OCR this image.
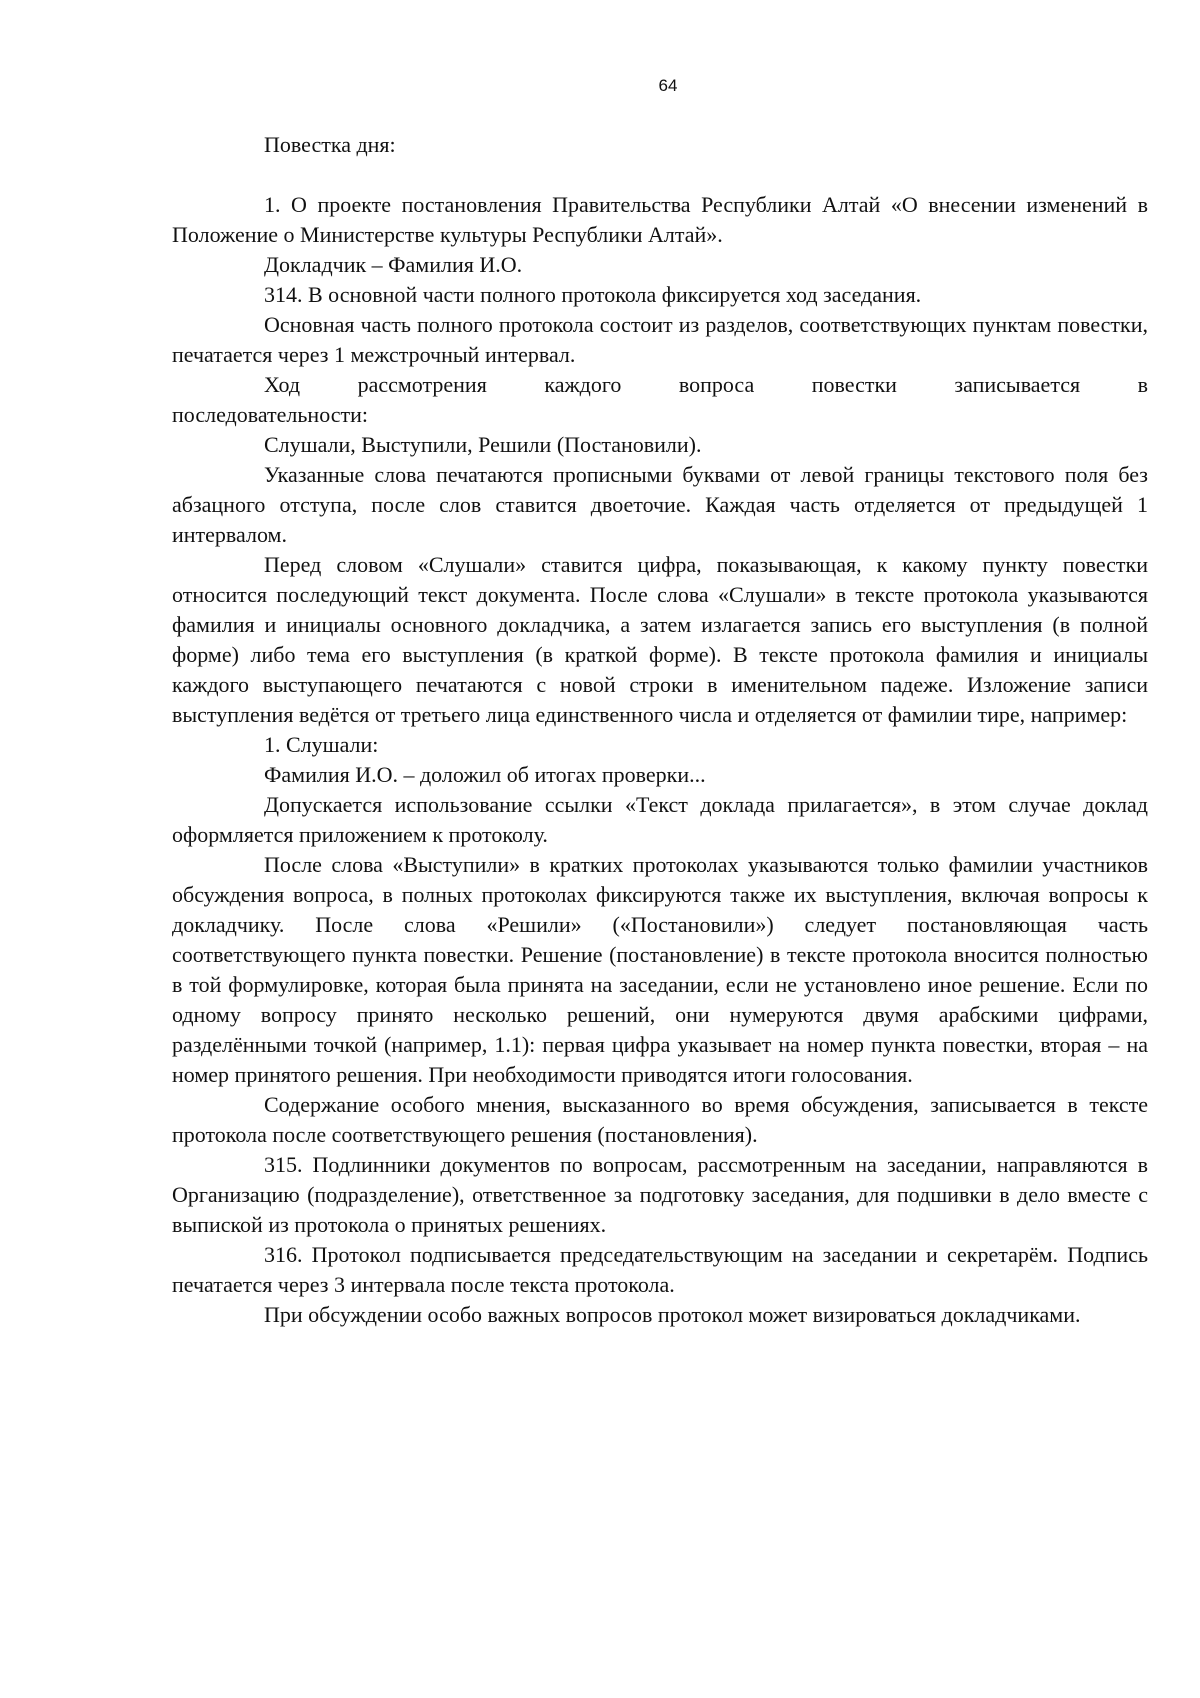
64

Повестка дня:

1. О проекте постановления Правительства Республики Алтай «О внесении изменений в Положение о Министерстве культуры Республики Алтай».

Докладчик – Фамилия И.О.

314. В основной части полного протокола фиксируется ход заседания.

Основная часть полного протокола состоит из разделов, соответствующих пунктам повестки, печатается через 1 межстрочный интервал.

Ход рассмотрения каждого вопроса повестки записывается в

последовательности:

Слушали, Выступили, Решили (Постановили).

Указанные слова печатаются прописными буквами от левой границы текстового поля без абзацного отступа, после слов ставится двоеточие. Каждая часть отделяется от предыдущей 1 интервалом.

Перед словом «Слушали» ставится цифра, показывающая, к какому пункту повестки относится последующий текст документа. После слова «Слушали» в тексте протокола указываются фамилия и инициалы основного докладчика, а затем излагается запись его выступления (в полной форме) либо тема его выступления (в краткой форме). В тексте протокола фамилия и инициалы каждого выступающего печатаются с новой строки в именительном падеже. Изложение записи выступления ведётся от третьего лица единственного числа и отделяется от фамилии тире, например:

1. Слушали:

Фамилия И.О. – доложил об итогах проверки...

Допускается использование ссылки «Текст доклада прилагается», в этом случае доклад оформляется приложением к протоколу.

После слова «Выступили» в кратких протоколах указываются только фамилии участников обсуждения вопроса, в полных протоколах фиксируются также их выступления, включая вопросы к докладчику. После слова «Решили» («Постановили») следует постановляющая часть соответствующего пункта повестки. Решение (постановление) в тексте протокола вносится полностью в той формулировке, которая была принята на заседании, если не установлено иное решение. Если по одному вопросу принято несколько решений, они нумеруются двумя арабскими цифрами, разделёнными точкой (например, 1.1): первая цифра указывает на номер пункта повестки, вторая – на номер принятого решения. При необходимости приводятся итоги голосования.

Содержание особого мнения, высказанного во время обсуждения, записывается в тексте протокола после соответствующего решения (постановления).

315. Подлинники документов по вопросам, рассмотренным на заседании, направляются в Организацию (подразделение), ответственное за подготовку заседания, для подшивки в дело вместе с выпиской из протокола о принятых решениях.

316. Протокол подписывается председательствующим на заседании и секретарём. Подпись печатается через 3 интервала после текста протокола.

При обсуждении особо важных вопросов протокол может визироваться докладчиками.
